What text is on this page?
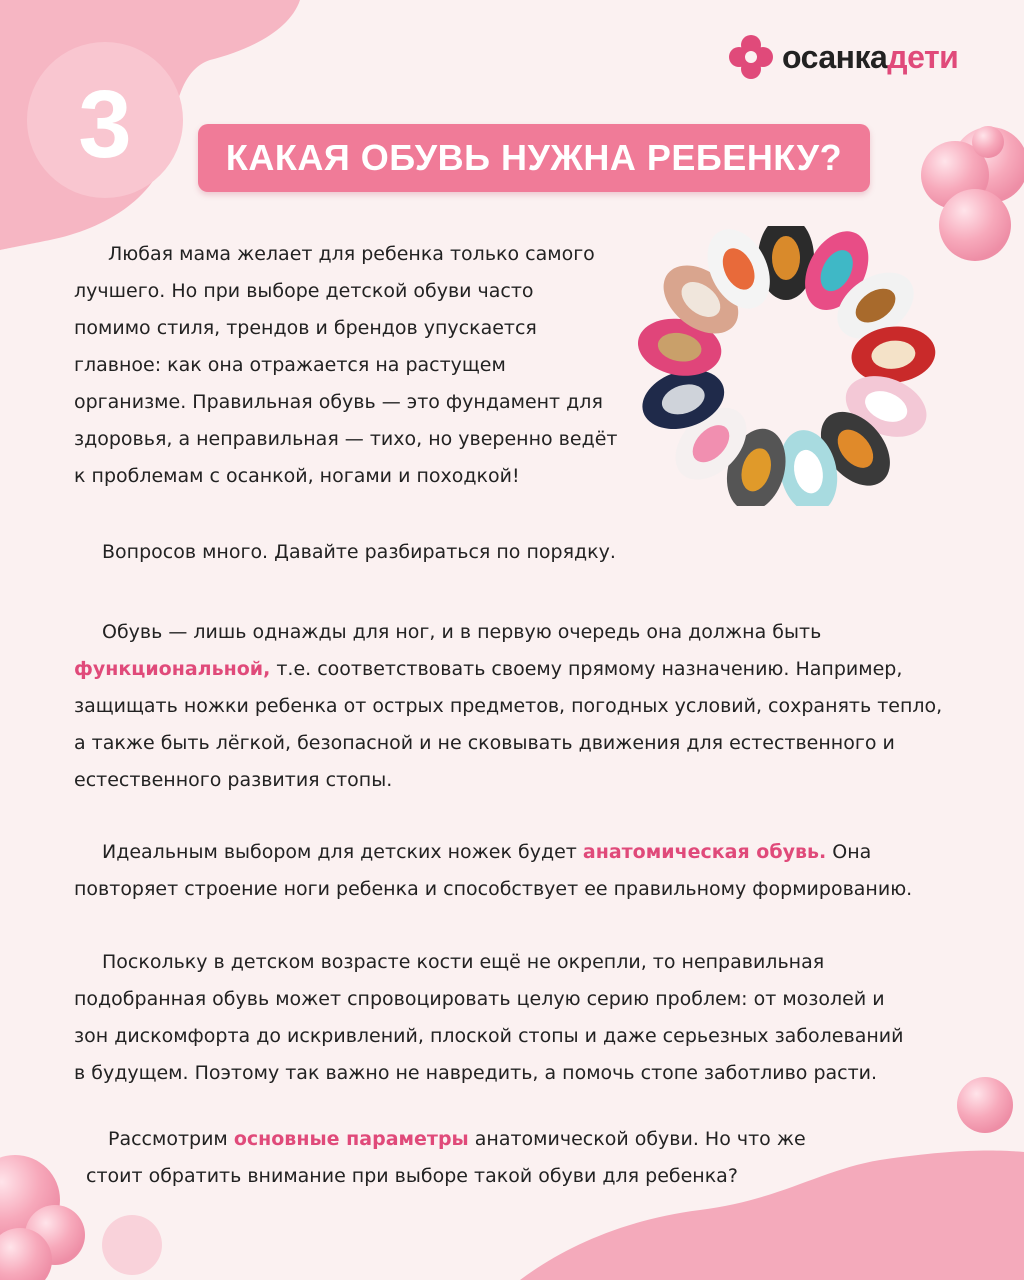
3
осанкадети
КАКАЯ ОБУВЬ НУЖНА РЕБЕНКУ?
Любая мама желает для ребенка только самого
лучшего. Но при выборе детской обуви часто
помимо стиля, трендов и брендов упускается
главное: как она отражается на растущем
организме. Правильная обувь — это фундамент для
здоровья, а неправильная — тихо, но уверенно ведёт
к проблемам с осанкой, ногами и походкой!
Вопросов много. Давайте разбираться по порядку.
Обувь — лишь однажды для ног, и в первую очередь она должна быть
функциональной, т.е. соответствовать своему прямому назначению. Например,
защищать ножки ребенка от острых предметов, погодных условий, сохранять тепло,
а также быть лёгкой, безопасной и не сковывать движения для естественного и
естественного развития стопы.
Идеальным выбором для детских ножек будет анатомическая обувь. Она
повторяет строение ноги ребенка и способствует ее правильному формированию.
Поскольку в детском возрасте кости ещё не окрепли, то неправильная
подобранная обувь может спровоцировать целую серию проблем: от мозолей и
зон дискомфорта до искривлений, плоской стопы и даже серьезных заболеваний
в будущем. Поэтому так важно не навредить, а помочь стопе заботливо расти.
Рассмотрим основные параметры анатомической обуви. Но что же
стоит обратить внимание при выборе такой обуви для ребенка?
